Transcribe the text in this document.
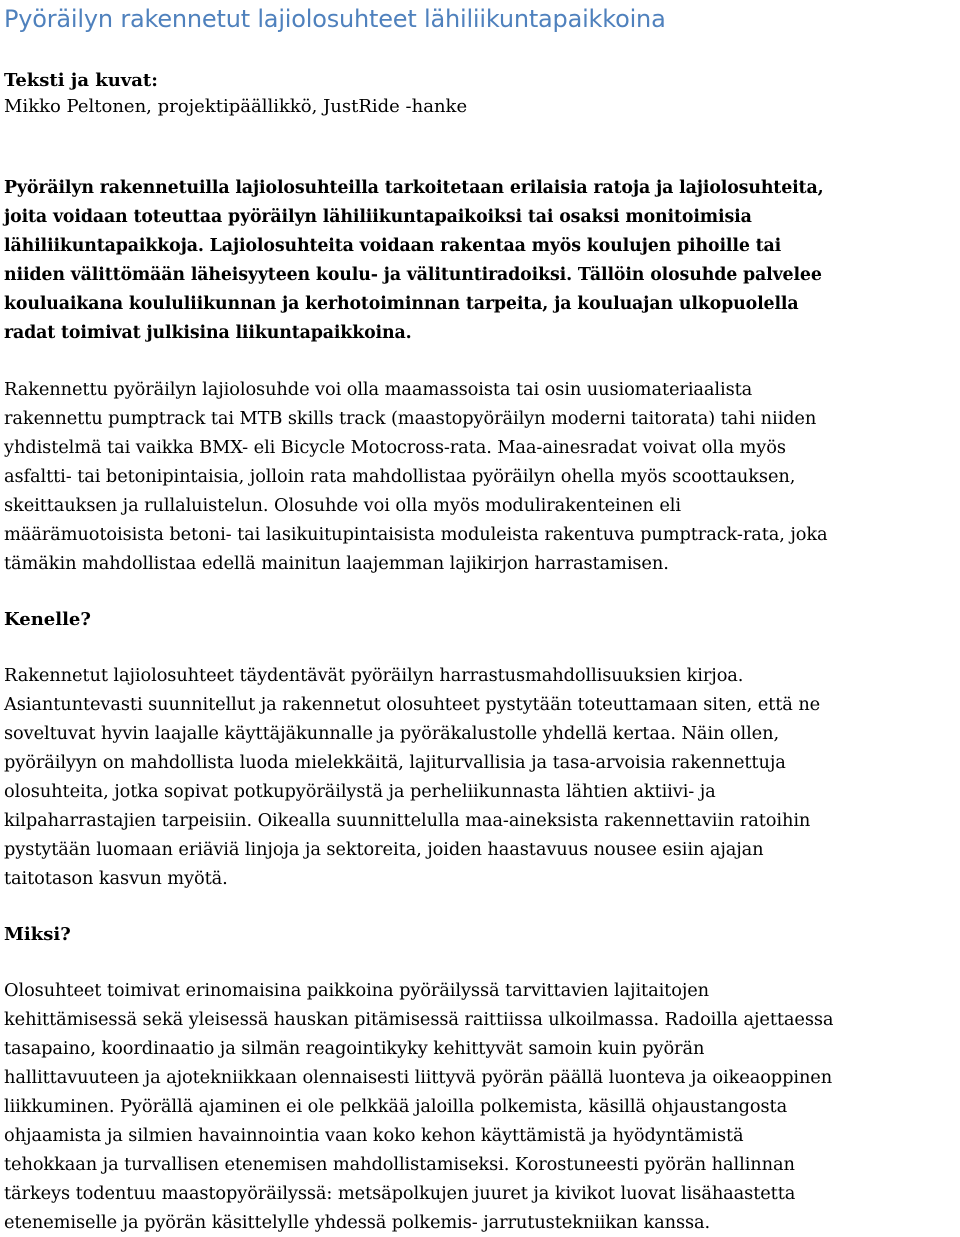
Pyöräilyn rakennetut lajiolosuhteet lähiliikuntapaikkoina
Teksti ja kuvat:
Mikko Peltonen, projektipäällikkö, JustRide -hanke

Pyöräilyn rakennetuilla lajiolosuhteilla tarkoitetaan erilaisia ratoja ja lajiolosuhteita,
joita voidaan toteuttaa pyöräilyn lähiliikuntapaikoiksi tai osaksi monitoimisia
lähiliikuntapaikkoja. Lajiolosuhteita voidaan rakentaa myös koulujen pihoille tai
niiden välittömään läheisyyteen koulu- ja välituntiradoiksi. Tällöin olosuhde palvelee
kouluaikana koululiikunnan ja kerhotoiminnan tarpeita, ja kouluajan ulkopuolella
radat toimivat julkisina liikuntapaikkoina.

Rakennettu pyöräilyn lajiolosuhde voi olla maamassoista tai osin uusiomateriaalista
rakennettu pumptrack tai MTB skills track (maastopyöräilyn moderni taitorata) tahi niiden
yhdistelmä tai vaikka BMX- eli Bicycle Motocross-rata. Maa-ainesradat voivat olla myös
asfaltti- tai betonipintaisia, jolloin rata mahdollistaa pyöräilyn ohella myös scoottauksen,
skeittauksen ja rullaluistelun. Olosuhde voi olla myös modulirakenteinen eli
määrämuotoisista betoni- tai lasikuitupintaisista moduleista rakentuva pumptrack-rata, joka
tämäkin mahdollistaa edellä mainitun laajemman lajikirjon harrastamisen.

Kenelle?

Rakennetut lajiolosuhteet täydentävät pyöräilyn harrastusmahdollisuuksien kirjoa.
Asiantuntevasti suunnitellut ja rakennetut olosuhteet pystytään toteuttamaan siten, että ne
soveltuvat hyvin laajalle käyttäjäkunnalle ja pyöräkalustolle yhdellä kertaa. Näin ollen,
pyöräilyyn on mahdollista luoda mielekkäitä, lajiturvallisia ja tasa-arvoisia rakennettuja
olosuhteita, jotka sopivat potkupyöräilystä ja perheliikunnasta lähtien aktiivi- ja
kilpaharrastajien tarpeisiin. Oikealla suunnittelulla maa-aineksista rakennettaviin ratoihin
pystytään luomaan eriäviä linjoja ja sektoreita, joiden haastavuus nousee esiin ajajan
taitotason kasvun myötä.

Miksi?

Olosuhteet toimivat erinomaisina paikkoina pyöräilyssä tarvittavien lajitaitojen
kehittämisessä sekä yleisessä hauskan pitämisessä raittiissa ulkoilmassa. Radoilla ajettaessa
tasapaino, koordinaatio ja silmän reagointikyky kehittyvät samoin kuin pyörän
hallittavuuteen ja ajotekniikkaan olennaisesti liittyvä pyörän päällä luonteva ja oikeaoppinen
liikkuminen. Pyörällä ajaminen ei ole pelkkää jaloilla polkemista, käsillä ohjaustangosta
ohjaamista ja silmien havainnointia vaan koko kehon käyttämistä ja hyödyntämistä
tehokkaan ja turvallisen etenemisen mahdollistamiseksi. Korostuneesti pyörän hallinnan
tärkeys todentuu maastopyöräilyssä: metsäpolkujen juuret ja kivikot luovat lisähaastetta
etenemiselle ja pyörän käsittelylle yhdessä polkemis- jarrutustekniikan kanssa.
